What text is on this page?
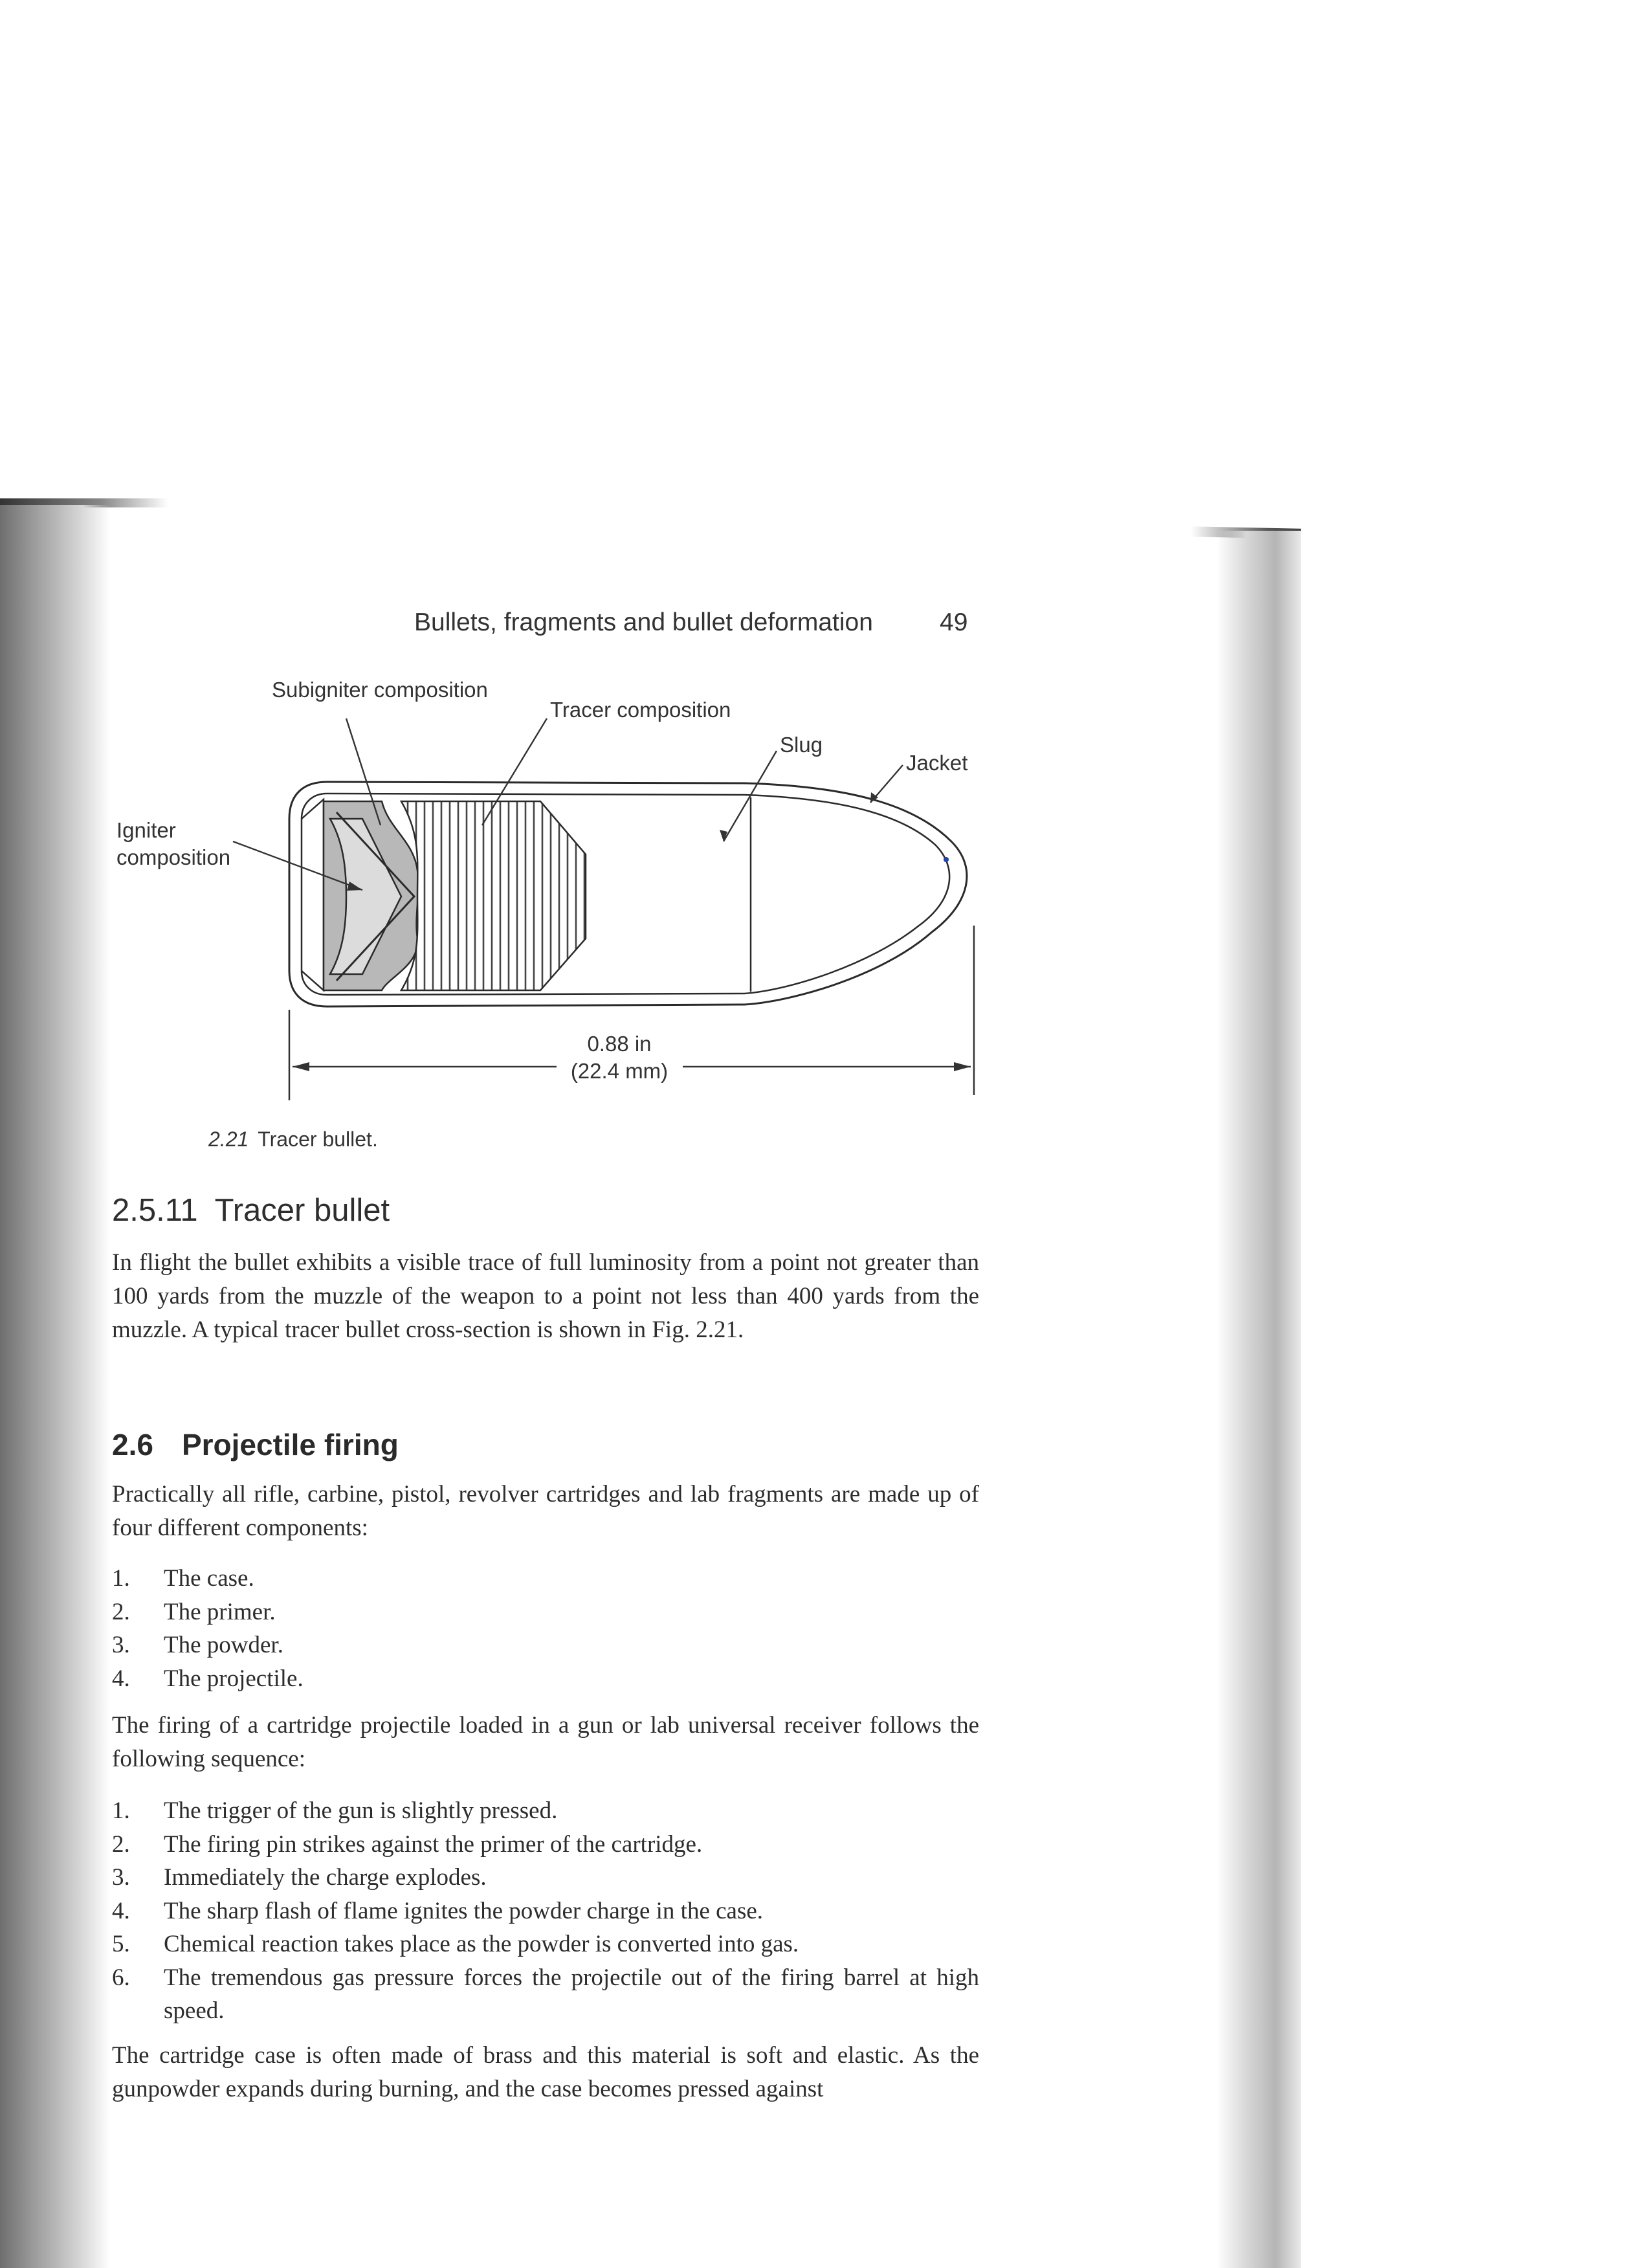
Bullets, fragments and bullet deformation	49
Subigniter composition
Tracer composition
Slug
Jacket
Igniter
composition
0.88 in
(22.4 mm)
2.21 Tracer bullet.
2.5.11 Tracer bullet

In flight the bullet exhibits a visible trace of full luminosity from a point not greater than 100 yards from the muzzle of the weapon to a point not less than 400 yards from the muzzle. A typical tracer bullet cross-section is shown in Fig. 2.21.

2.6 Projectile firing

Practically all rifle, carbine, pistol, revolver cartridges and lab fragments are made up of four different components:

1. The case.
2. The primer.
3. The powder.
4. The projectile.

The firing of a cartridge projectile loaded in a gun or lab universal receiver follows the following sequence:

1. The trigger of the gun is slightly pressed.
2. The firing pin strikes against the primer of the cartridge.
3. Immediately the charge explodes.
4. The sharp flash of flame ignites the powder charge in the case.
5. Chemical reaction takes place as the powder is converted into gas.
6. The tremendous gas pressure forces the projectile out of the firing barrel at high speed.

The cartridge case is often made of brass and this material is soft and elastic. As the gunpowder expands during burning, and the case becomes pressed against
